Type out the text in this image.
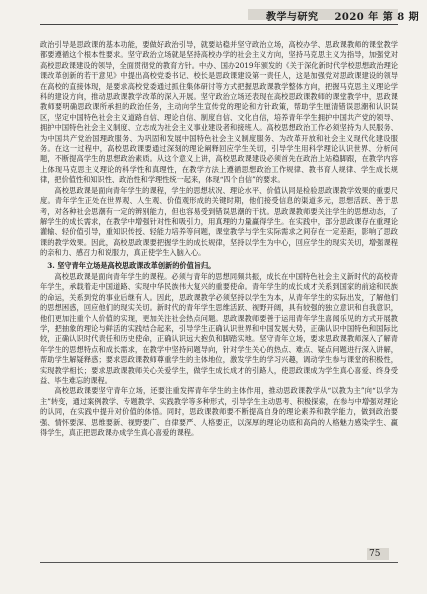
教学与研究 2020 年 第 8 期

政治引导是思政课的基本功能，要做好政治引导，就要站稳并坚守政治立场，高校办学、思政课教师的课堂教学都要遵循这个根本性要求。坚守政治立场就是坚持高校办学的社会主义方向，坚持马克思主义为指导，加强党对高校思政课建设的领导，全面贯彻党的教育方针。中办、国办2019年颁发的《关于深化新时代学校思想政治理论课改革创新的若干意见》中提出高校党委书记、校长是思政课建设第一责任人，这是加强党对思政课建设的领导在高校的直接体现，是要求高校党委通过抓住集体研讨等方式把握思政课教学整体方向，把握马克思主义理论学科的建设方向，推动思政课教学改革的深入开展。坚守政治立场还表现在高校思政课教师的课堂教学中，思政课教师要明确思政课所承担的政治任务，主动向学生宣传党的理论和方针政策，帮助学生厘清错误思潮和认识误区，坚定中国特色社会主义道路自信、理论自信、制度自信、文化自信，培养青年学生拥护中国共产党的领导、拥护中国特色社会主义制度、立志成为社会主义事业建设者和接班人。高校思想政治工作必须坚持为人民服务、为中国共产党治国理政服务、为巩固和发展中国特色社会主义制度服务、为改革开放和社会主义现代化建设服务。在这一过程中，高校思政课要通过深刻的理论阐释回应学生关切，引导学生用科学理论认识世界、分析问题，不断提高学生的思想政治素质。从这个意义上讲，高校思政课建设必须首先在政治上站稳脚跟，在教学内容上体现马克思主义理论的科学性和真理性，在教学方法上遵循思想政治工作规律、教书育人规律、学生成长规律，把价值性和知识性、政治性和学理性统一起来，体现“四个自信”的要求。

高校思政课是面向青年学生的课程，学生的思想状况、理论水平、价值认同是检验思政课教学效果的重要尺度。青年学生正处在世界观、人生观、价值观形成的关键时期，他们接受信息的渠道多元，思想活跃、善于思考，对各种社会思潮有一定的辨别能力，但也容易受到错误思潮的干扰。思政课教师要关注学生的思想动态，了解学生的成长需求，在教学中增强针对性和吸引力，用真理的力量赢得学生。在实践中，部分思政课存在重理论灌输、轻价值引导，重知识传授、轻能力培养等问题，课堂教学与学生实际需求之间存在一定差距，影响了思政课的教学效果。因此，高校思政课要把握学生的成长规律，坚持以学生为中心，回应学生的现实关切，增强课程的亲和力、感召力和说服力，真正使学生入脑入心。

3. 坚守青年立场是高校思政课改革创新的价值旨归。

高校思政课是面向青年学生的课程。必须与青年的思想同频共振，成长在中国特色社会主义新时代的高校青年学生，承载着走中国道路、实现中华民族伟大复兴的重要使命。青年学生的成长成才关系到国家的前途和民族的命运，关系到党的事业后继有人。因此，思政课教学必须坚持以学生为本，从青年学生的实际出发，了解他们的思想困惑，回应他们的现实关切。新时代的青年学生思维活跃、视野开阔，具有较强的独立意识和自我意识，他们更加注重个人价值的实现，更加关注社会热点问题。思政课教师要善于运用青年学生喜闻乐见的方式开展教学，把抽象的理论与鲜活的实践结合起来，引导学生正确认识世界和中国发展大势，正确认识中国特色和国际比较，正确认识时代责任和历史使命，正确认识远大抱负和脚踏实地。坚守青年立场，要求思政课教师深入了解青年学生的思想特点和成长需求，在教学中坚持问题导向，针对学生关心的热点、难点、疑点问题进行深入讲解，帮助学生解疑释惑；要求思政课教师尊重学生的主体地位，激发学生的学习兴趣，调动学生参与课堂的积极性，实现教学相长；要求思政课教师关心关爱学生，做学生成长成才的引路人，使思政课成为学生真心喜爱、终身受益、毕生难忘的课程。

高校思政课要坚守青年立场，还要注重发挥青年学生的主体作用，推动思政课教学从“以教为主”向“以学为主”转变，通过案例教学、专题教学、实践教学等多种形式，引导学生主动思考、积极探索，在参与中增强对理论的认同，在实践中提升对价值的体悟。同时，思政课教师要不断提高自身的理论素养和教学能力，做到政治要强、情怀要深、思维要新、视野要广、自律要严、人格要正，以深厚的理论功底和高尚的人格魅力感染学生、赢得学生，真正把思政课办成学生真心喜爱的课程。

75
